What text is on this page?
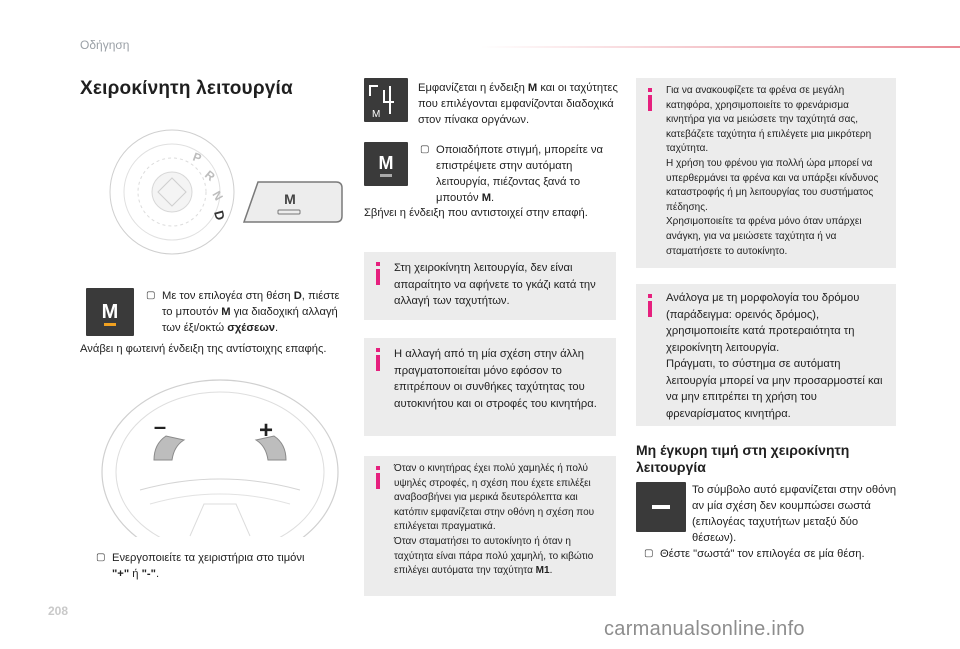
Οδήγηση
Χειροκίνητη λειτουργία
P
R
N
D
M
M
▢ Με τον επιλογέα στη θέση D, πιέστε το μπουτόν M για διαδοχική αλλαγή των έξι/οκτώ σχέσεων.
Ανάβει η φωτεινή ένδειξη της αντίστοιχης επαφής.
–	+
▢ Ενεργοποιείτε τα χειριστήρια στο τιμόνι "+" ή "-".
M
Εμφανίζεται η ένδειξη M και οι ταχύτητες που επιλέγονται εμφανίζονται διαδοχικά στον πίνακα οργάνων.
M
▢ Οποιαδήποτε στιγμή, μπορείτε να επιστρέψετε στην αυτόματη λειτουργία, πιέζοντας ξανά το μπουτόν M.
Σβήνει η ένδειξη που αντιστοιχεί στην επαφή.
Στη χειροκίνητη λειτουργία, δεν είναι απαραίτητο να αφήνετε το γκάζι κατά την αλλαγή των ταχυτήτων.
Η αλλαγή από τη μία σχέση στην άλλη πραγματοποιείται μόνο εφόσον το επιτρέπουν οι συνθήκες ταχύτητας του αυτοκινήτου και οι στροφές του κινητήρα.
Όταν ο κινητήρας έχει πολύ χαμηλές ή πολύ υψηλές στροφές, η σχέση που έχετε επιλέξει αναβοσβήνει για μερικά δευτερόλεπτα και κατόπιν εμφανίζεται στην οθόνη η σχέση που επιλέγεται πραγματικά.
Όταν σταματήσει το αυτοκίνητο ή όταν η ταχύτητα είναι πάρα πολύ χαμηλή, το κιβώτιο επιλέγει αυτόματα την ταχύτητα M1.
Για να ανακουφίζετε τα φρένα σε μεγάλη κατηφόρα, χρησιμοποιείτε το φρενάρισμα κινητήρα για να μειώσετε την ταχύτητά σας, κατεβάζετε ταχύτητα ή επιλέγετε μια μικρότερη ταχύτητα.
Η χρήση του φρένου για πολλή ώρα μπορεί να υπερθερμάνει τα φρένα και να υπάρξει κίνδυνος καταστροφής ή μη λειτουργίας του συστήματος πέδησης.
Χρησιμοποιείτε τα φρένα μόνο όταν υπάρχει ανάγκη, για να μειώσετε ταχύτητα ή να σταματήσετε το αυτοκίνητο.
Ανάλογα με τη μορφολογία του δρόμου (παράδειγμα: ορεινός δρόμος), χρησιμοποιείτε κατά προτεραιότητα τη χειροκίνητη λειτουργία.
Πράγματι, το σύστημα σε αυτόματη λειτουργία μπορεί να μην προσαρμοστεί και να μην επιτρέπει τη χρήση του φρεναρίσματος κινητήρα.
Μη έγκυρη τιμή στη χειροκίνητη
λειτουργία
Το σύμβολο αυτό εμφανίζεται στην οθόνη αν μία σχέση δεν κουμπώσει σωστά (επιλογέας ταχυτήτων μεταξύ δύο θέσεων).
▢ Θέστε "σωστά" τον επιλογέα σε μία θέση.
208
carmanualsonline.info
